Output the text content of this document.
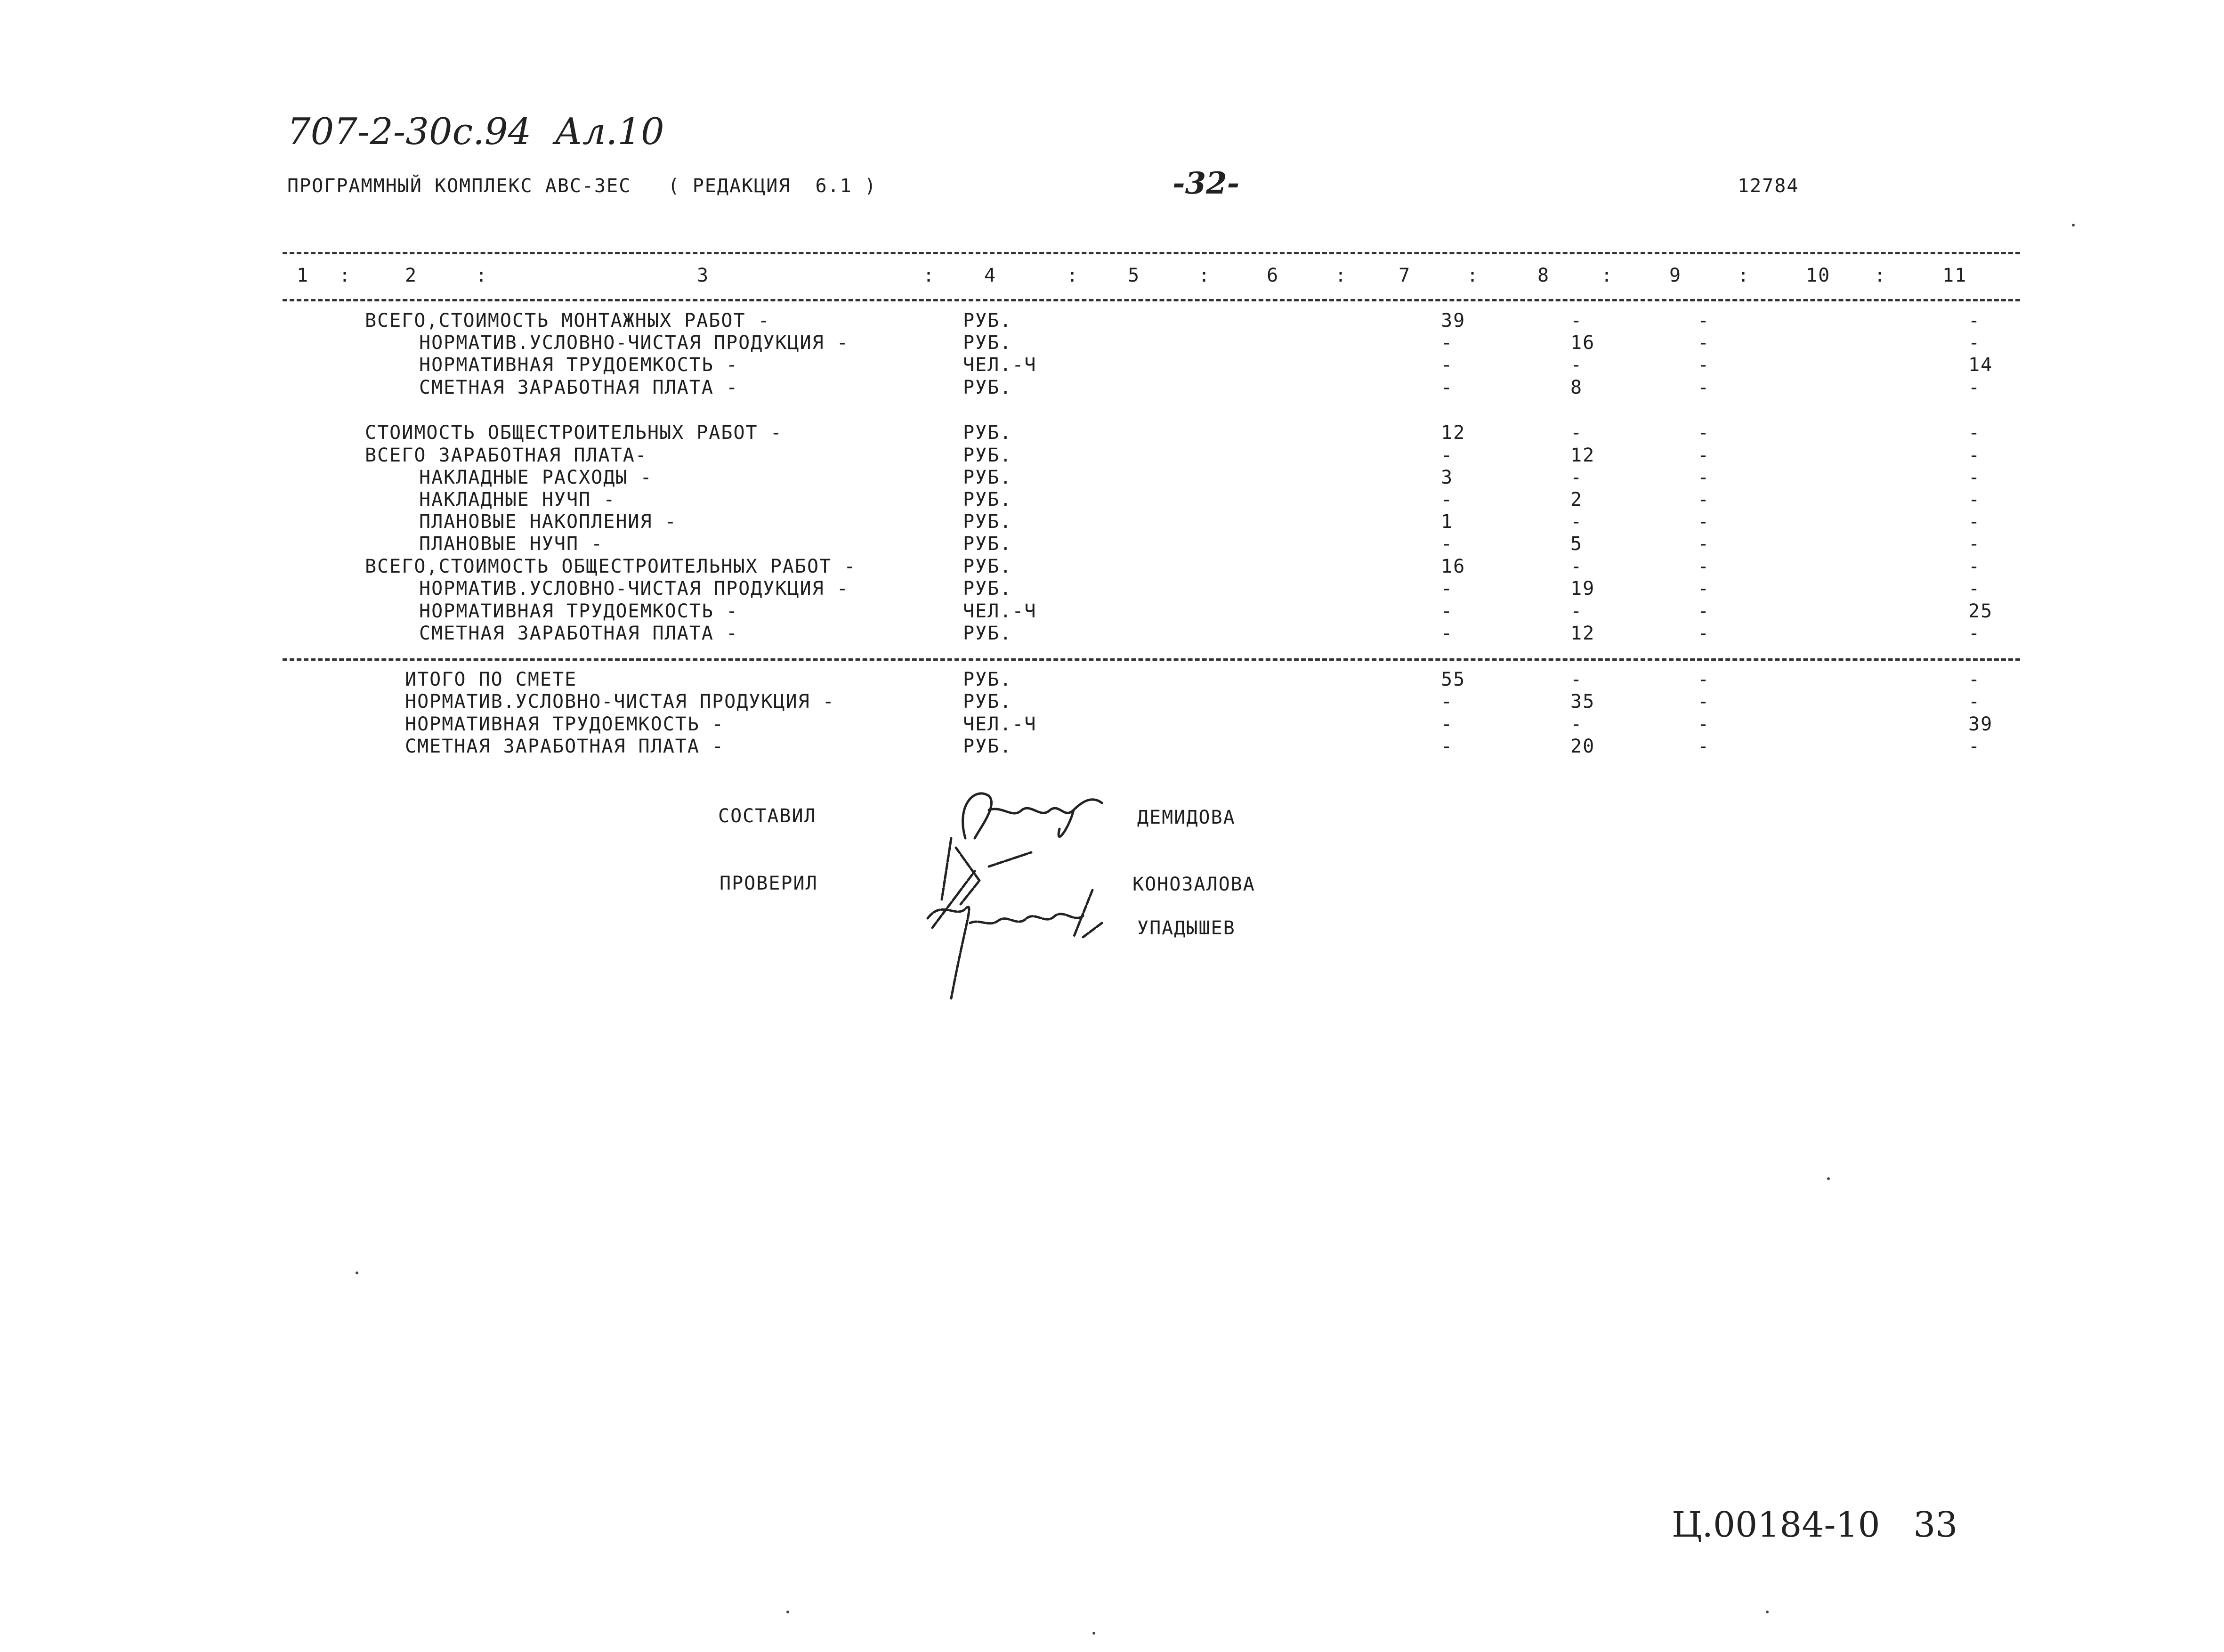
707-2-30с.94  Ал.10
ПРОГРАММНЫЙ КОМПЛЕКС АВС-3ЕС   ( РЕДАКЦИЯ  6.1 )	-32-	12784
1 :	2	:	3	:	4	:	5	:	6	:	7	:	8	:	9	:	10 :	11
ВСЕГО,СТОИМОСТЬ МОНТАЖНЫХ РАБОТ -	РУБ.	39	-	-	-
НОРМАТИВ.УСЛОВНО-ЧИСТАЯ ПРОДУКЦИЯ -	РУБ.	-	16	-	-
НОРМАТИВНАЯ ТРУДОЕМКОСТЬ -	ЧЕЛ.-Ч	-	-	-	14
СМЕТНАЯ ЗАРАБОТНАЯ ПЛАТА -	РУБ.	-	8	-	-
СТОИМОСТЬ ОБЩЕСТРОИТЕЛЬНЫХ РАБОТ -	РУБ.	12	-	-	-
ВСЕГО ЗАРАБОТНАЯ ПЛАТА-	РУБ.	-	12	-	-
НАКЛАДНЫЕ РАСХОДЫ -	РУБ.	3	-	-	-
НАКЛАДНЫЕ НУЧП -	РУБ.	-	2	-	-
ПЛАНОВЫЕ НАКОПЛЕНИЯ -	РУБ.	1	-	-	-
ПЛАНОВЫЕ НУЧП -	РУБ.	-	5	-	-
ВСЕГО,СТОИМОСТЬ ОБЩЕСТРОИТЕЛЬНЫХ РАБОТ -	РУБ.	16	-	-	-
НОРМАТИВ.УСЛОВНО-ЧИСТАЯ ПРОДУКЦИЯ -	РУБ.	-	19	-	-
НОРМАТИВНАЯ ТРУДОЕМКОСТЬ -	ЧЕЛ.-Ч	-	-	-	25
СМЕТНАЯ ЗАРАБОТНАЯ ПЛАТА -	РУБ.	-	12	-	-
ИТОГО ПО СМЕТЕ	РУБ.	55	-	-	-
НОРМАТИВ.УСЛОВНО-ЧИСТАЯ ПРОДУКЦИЯ -	РУБ.	-	35	-	-
НОРМАТИВНАЯ ТРУДОЕМКОСТЬ -	ЧЕЛ.-Ч	-	-	-	39
СМЕТНАЯ ЗАРАБОТНАЯ ПЛАТА -	РУБ.	-	20	-	-
СОСТАВИЛ	ДЕМИДОВА
ПРОВЕРИЛ	КОНОЗАЛОВА
УПАДЫШЕВ
Ц.00184-10   33
